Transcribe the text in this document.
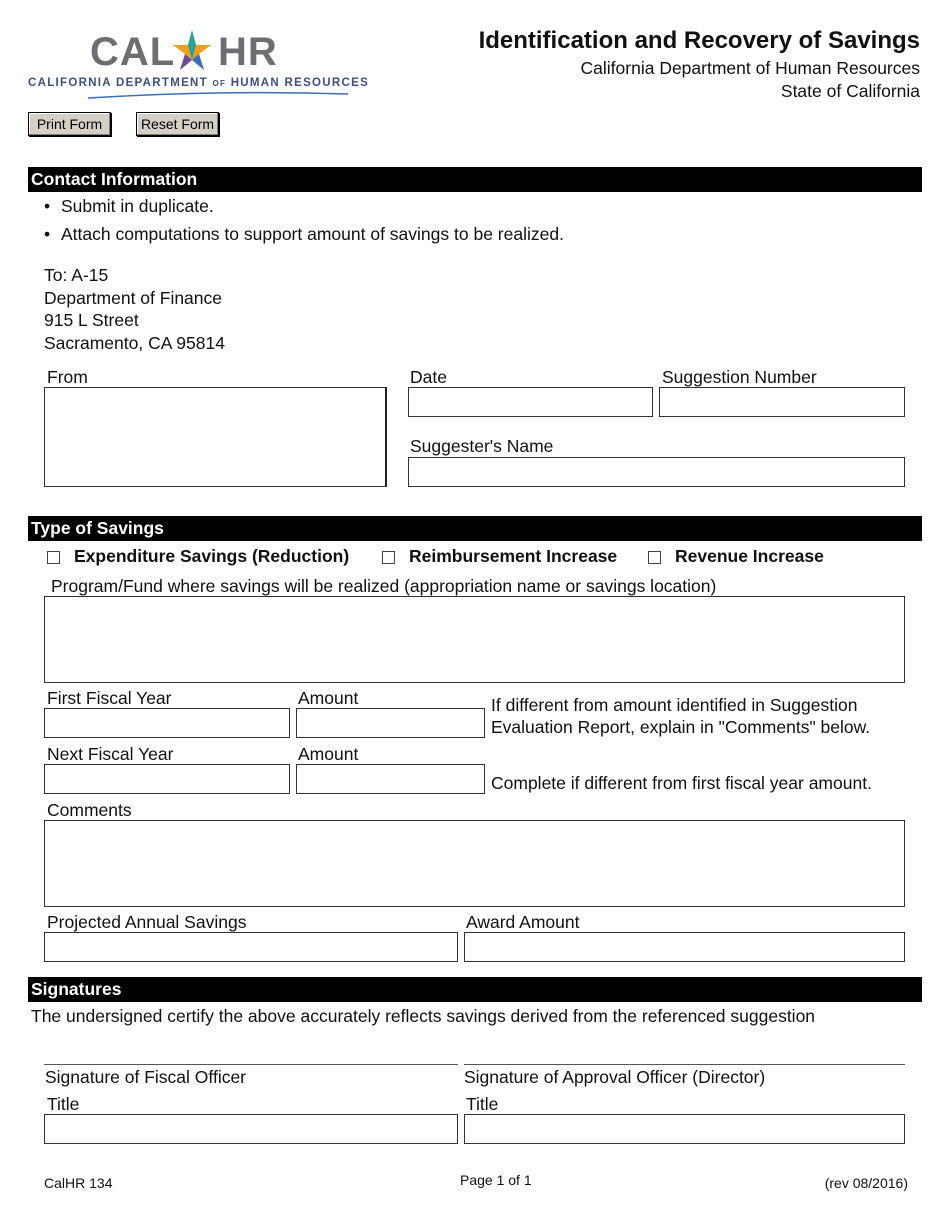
CAL HR
CALIFORNIA DEPARTMENT OF HUMAN RESOURCES
Identification and Recovery of Savings
California Department of Human Resources
State of California
Print Form	Reset Form
Contact Information
• Submit in duplicate.
• Attach computations to support amount of savings to be realized.
To: A-15
Department of Finance
915 L Street
Sacramento, CA 95814
From	Date	Suggestion Number
Suggester's Name
Type of Savings
Expenditure Savings (Reduction)	Reimbursement Increase	Revenue Increase
Program/Fund where savings will be realized (appropriation name or savings location)
First Fiscal Year	Amount	If different from amount identified in Suggestion
Evaluation Report, explain in "Comments" below.
Next Fiscal Year	Amount
Complete if different from first fiscal year amount.
Comments
Projected Annual Savings	Award Amount
Signatures
The undersigned certify the above accurately reflects savings derived from the referenced suggestion
Signature of Fiscal Officer	Signature of Approval Officer (Director)
Title	Title
CalHR 134	Page 1 of 1	(rev 08/2016)
